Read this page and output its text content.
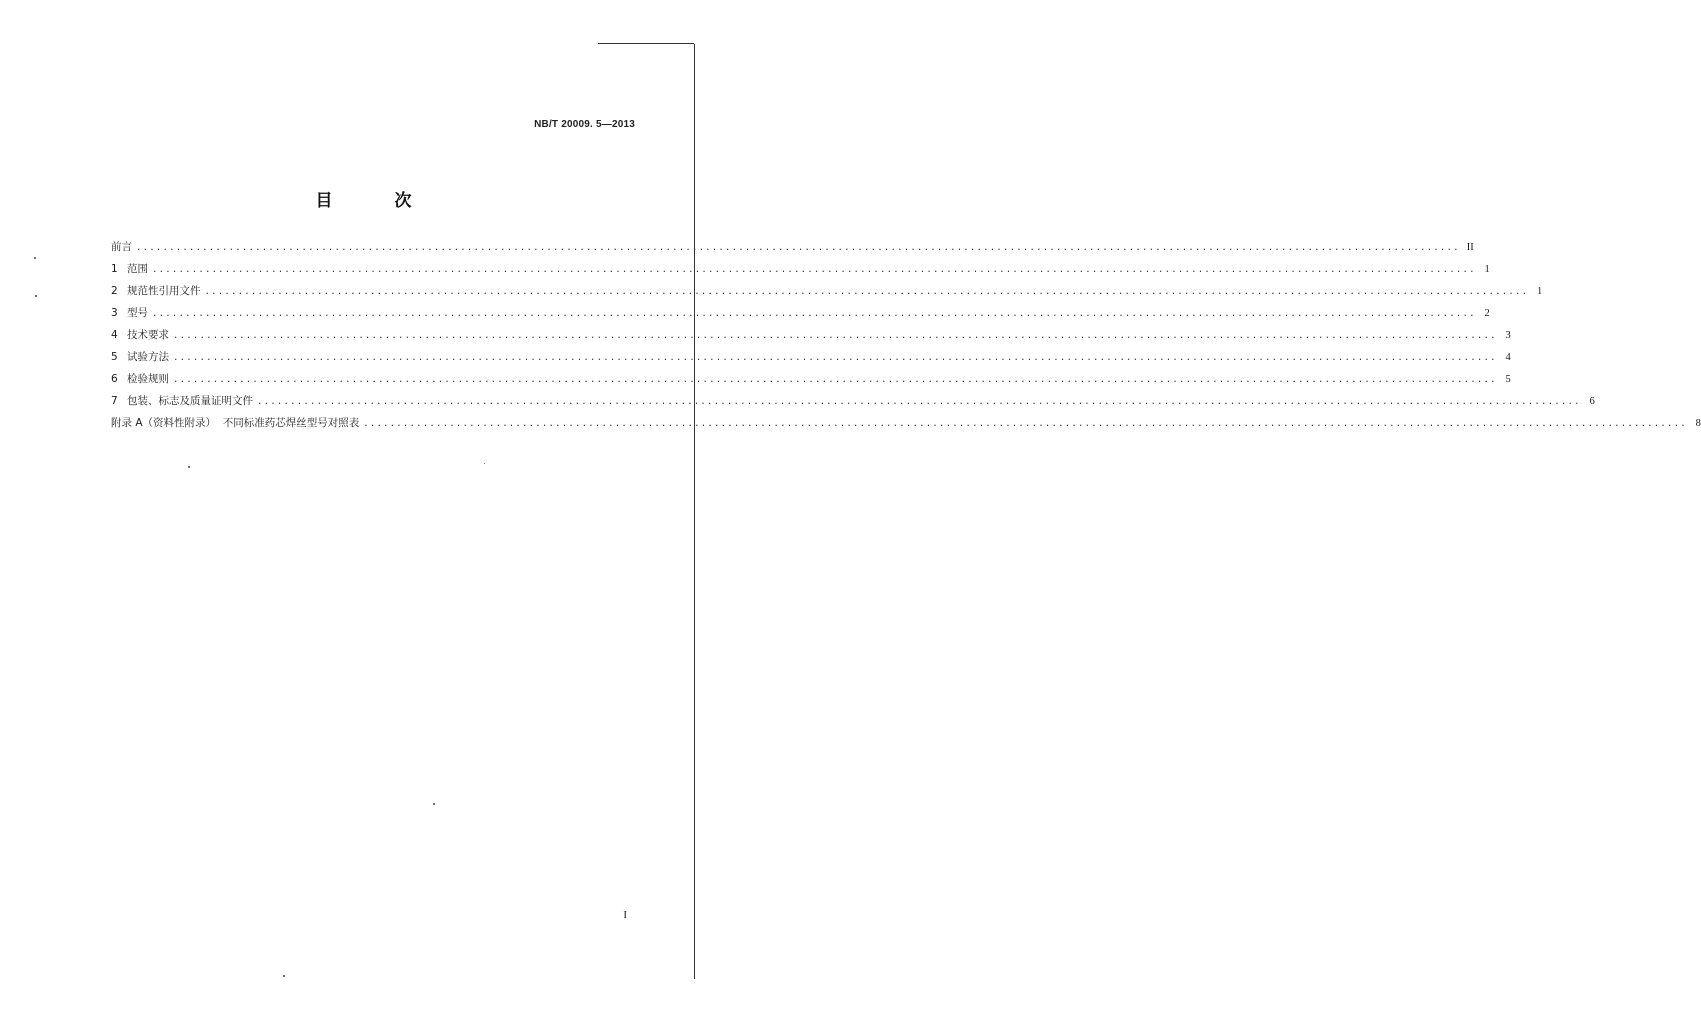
NB/T 20009. 5—2013
目 次
前言 ........................................................................................................................................................................................................ II
1 范围 ........................................................................................................................................................................................................ 1
2 规范性引用文件 ........................................................................................................................................................................................................ 1
3 型号 ........................................................................................................................................................................................................ 2
4 技术要求 ........................................................................................................................................................................................................ 3
5 试验方法 ........................................................................................................................................................................................................ 4
6 检验规则 ........................................................................................................................................................................................................ 5
7 包装、标志及质量证明文件 ........................................................................................................................................................................................................ 6
附录 A（资料性附录）  不同标准药芯焊丝型号对照表 ........................................................................................................................................................................................................ 8
I
